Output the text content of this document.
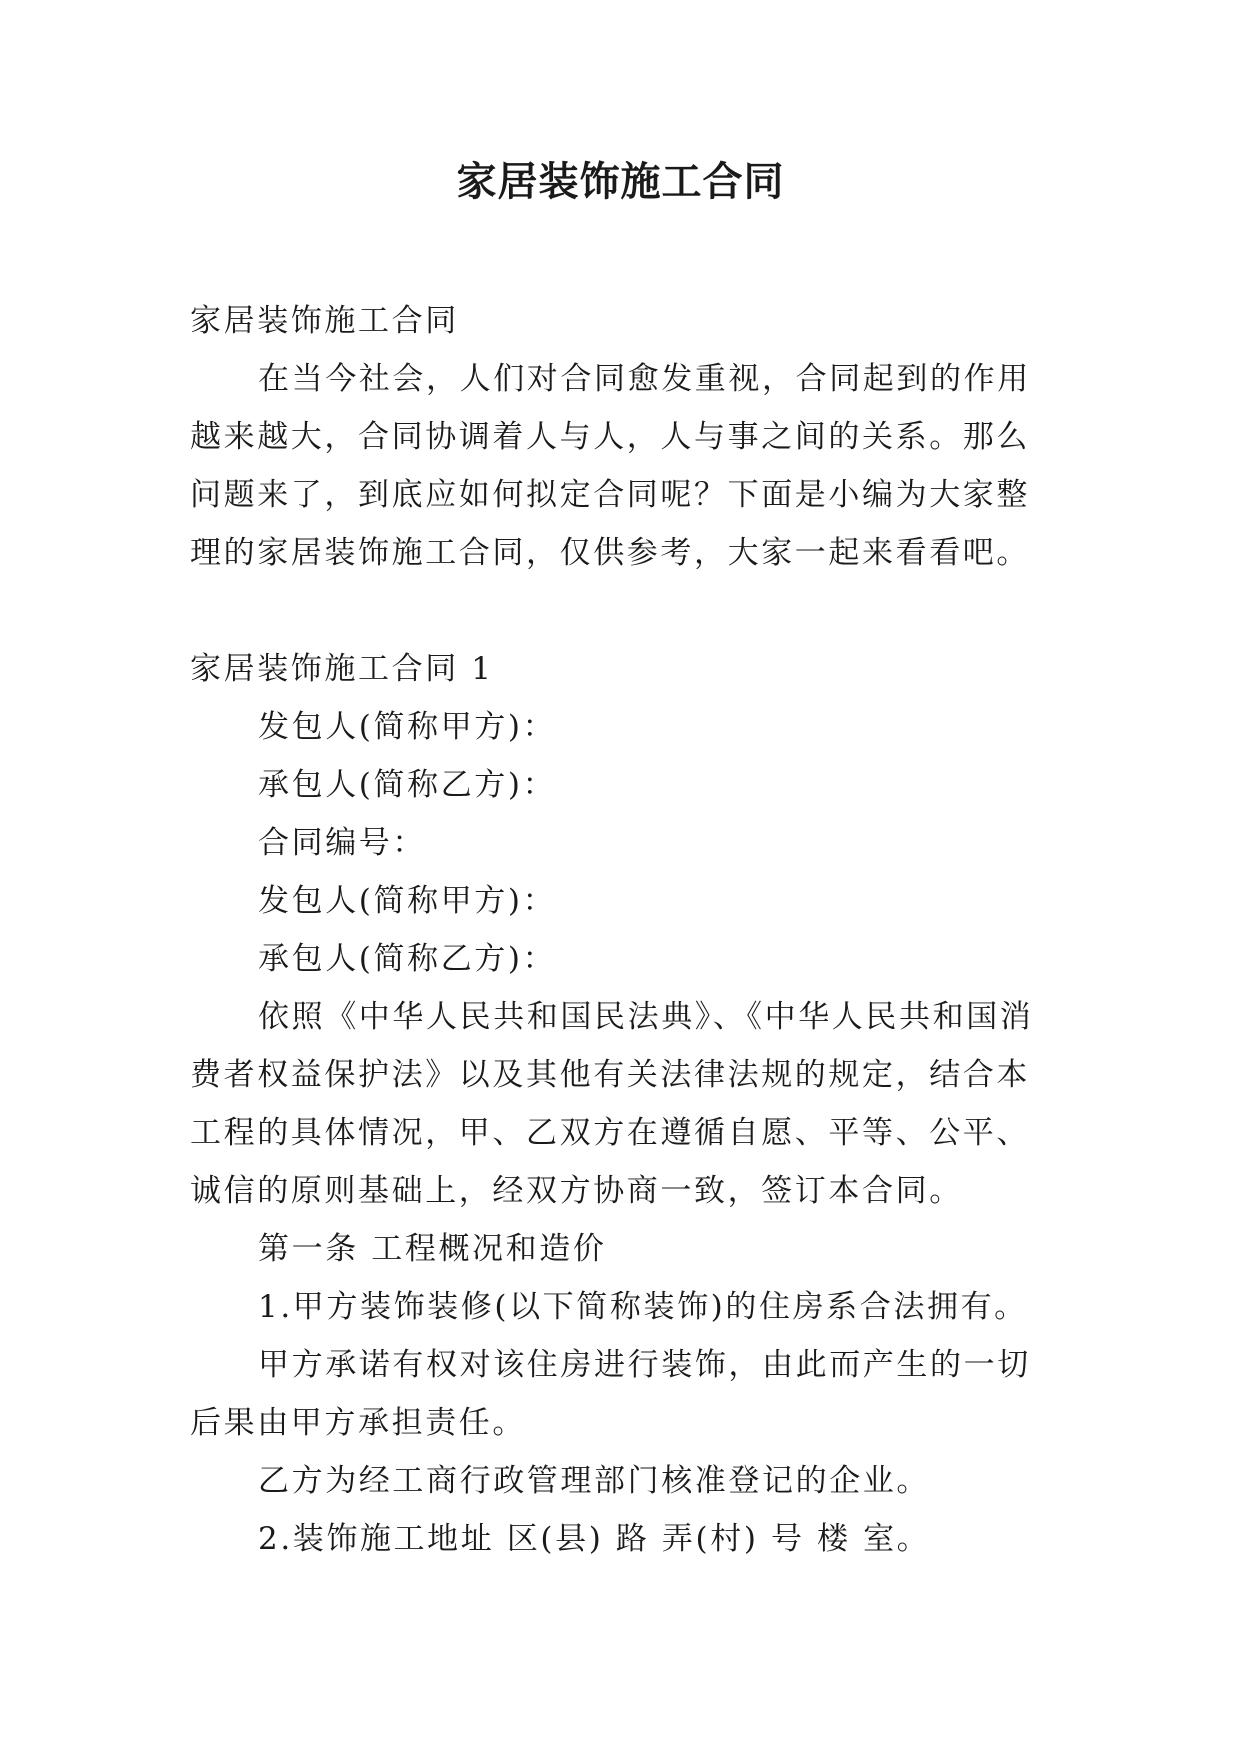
家居装饰施工合同

家居装饰施工合同

在当今社会，人们对合同愈发重视，合同起到的作用越来越大，合同协调着人与人，人与事之间的关系。那么问题来了，到底应如何拟定合同呢？下面是小编为大家整理的家居装饰施工合同，仅供参考，大家一起来看看吧。

家居装饰施工合同 1

发包人(简称甲方)：

承包人(简称乙方)：

合同编号：

发包人(简称甲方)：

承包人(简称乙方)：

依照《中华人民共和国民法典》、《中华人民共和国消费者权益保护法》以及其他有关法律法规的规定，结合本工程的具体情况，甲、乙双方在遵循自愿、平等、公平、诚信的原则基础上，经双方协商一致，签订本合同。

第一条 工程概况和造价

1.甲方装饰装修(以下简称装饰)的住房系合法拥有。

甲方承诺有权对该住房进行装饰，由此而产生的一切后果由甲方承担责任。

乙方为经工商行政管理部门核准登记的企业。

2.装饰施工地址 区(县) 路 弄(村) 号 楼 室。
